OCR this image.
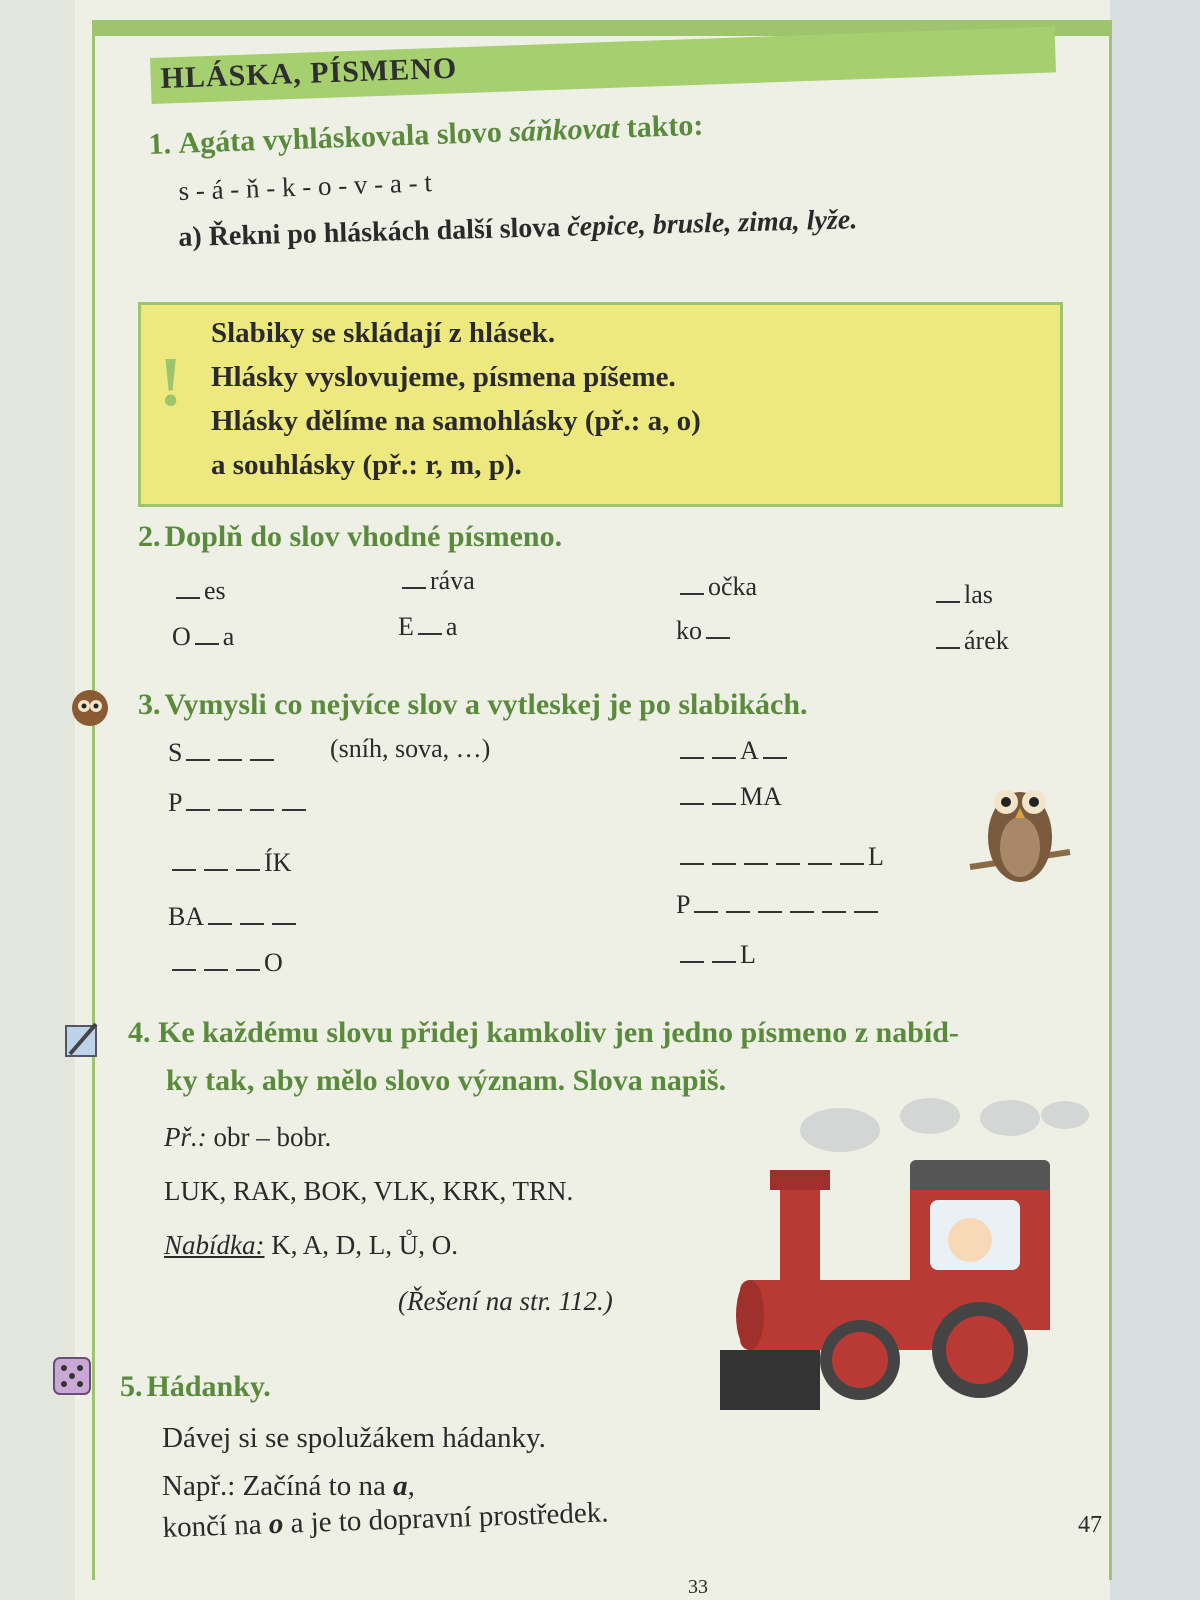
HLÁSKA, PÍSMENO
1. Agáta vyhláskovala slovo sáňkovat takto:
s - á - ň - k - o - v - a - t
a) Řekni po hláskách další slova čepice, brusle, zima, lyže.
!
Slabiky se skládají z hlásek.
Hlásky vyslovujeme, písmena píšeme.
Hlásky dělíme na samohlásky (př.: a, o)
a souhlásky (př.: r, m, p).
2. Doplň do slov vhodné písmeno.
es	ráva	očka	las
O a	E a	ko	árek
3. Vymysli co nejvíce slov a vytleskej je po slabikách.
S	(sníh, sova, …)
P
ÍK
BA
O
A
MA
L
P
L
4. Ke každému slovu přidej kamkoliv jen jedno písmeno z nabíd-
ky tak, aby mělo slovo význam. Slova napiš.
Př.: obr – bobr.
LUK, RAK, BOK, VLK, KRK, TRN.
Nabídka: K, A, D, L, Ů, O.
(Řešení na str. 112.)
5. Hádanky.
Dávej si se spolužákem hádanky.
Např.: Začíná to na a,
končí na o a je to dopravní prostředek.	47
33
